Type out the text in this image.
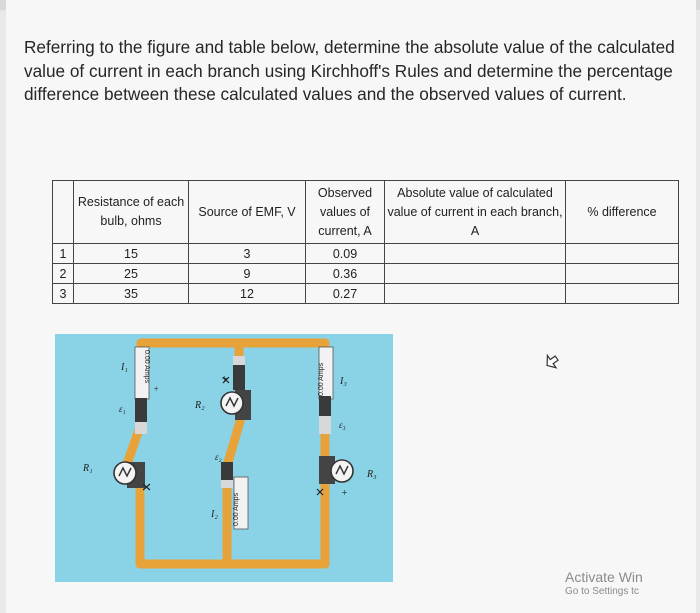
Referring to the figure and table below, determine the absolute value of the calculated value of current in each branch using Kirchhoff's Rules and determine the percentage difference between these calculated values and the observed values of current.
	Resistance of each bulb, ohms	Source of EMF, V	Observed values of current, A	Absolute value of calculated value of current in each branch, A	% difference
1	15	3	0.09		
2	25	9	0.36		
3	35	12	0.27		
0.00 Amps
0.00 Amps
0.00 Amps
I₁
ε₁
+
R₁
+
R₂
ε₂
I₂
I₃
ε₃
R₃
+
Activate Win
Go to Settings tc
